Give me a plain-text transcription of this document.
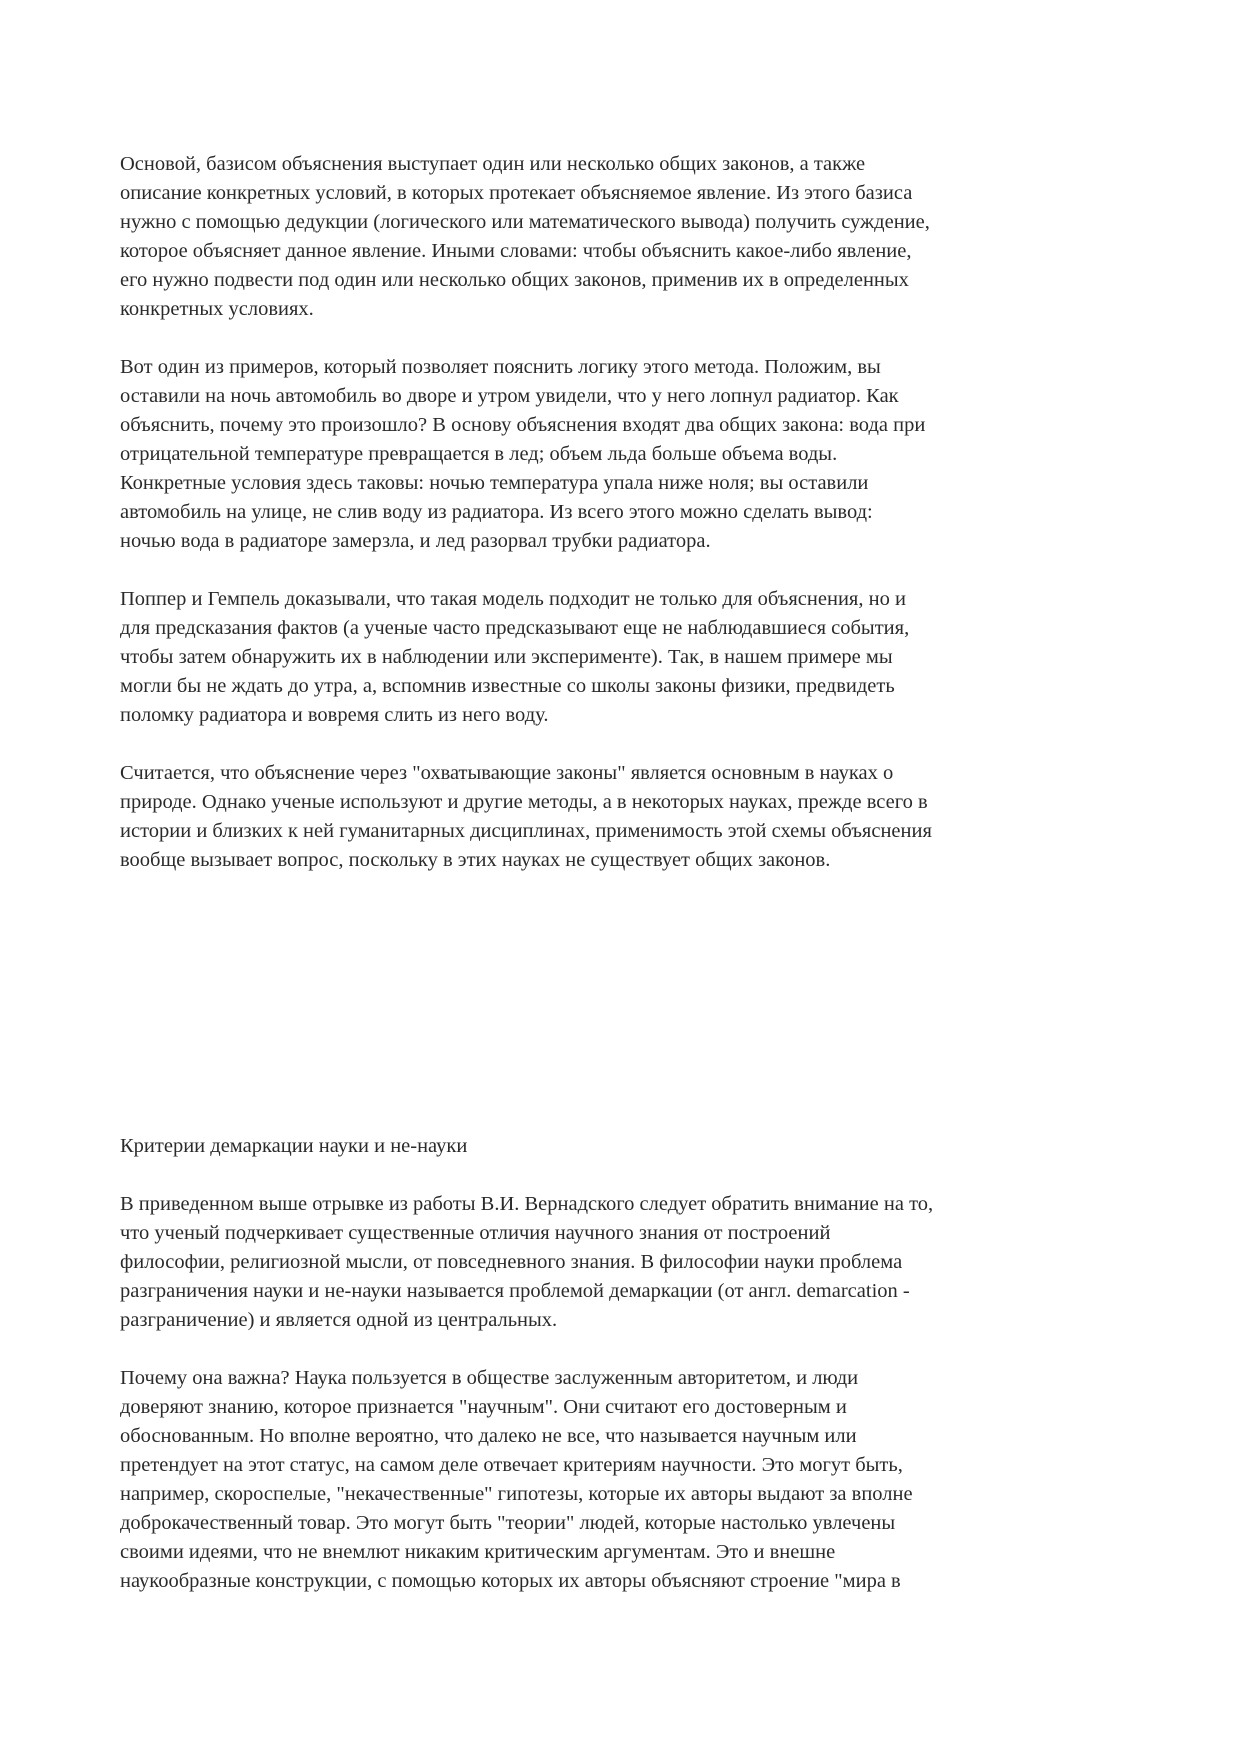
Основой, базисом объяснения выступает один или несколько общих законов, а также
описание конкретных условий, в которых протекает объясняемое явление. Из этого базиса
нужно с помощью дедукции (логического или математического вывода) получить суждение,
которое объясняет данное явление. Иными словами: чтобы объяснить какое-либо явление,
его нужно подвести под один или несколько общих законов, применив их в определенных
конкретных условиях.
Вот один из примеров, который позволяет пояснить логику этого метода. Положим, вы
оставили на ночь автомобиль во дворе и утром увидели, что у него лопнул радиатор. Как
объяснить, почему это произошло? В основу объяснения входят два общих закона: вода при
отрицательной температуре превращается в лед; объем льда больше объема воды.
Конкретные условия здесь таковы: ночью температура упала ниже ноля; вы оставили
автомобиль на улице, не слив воду из радиатора. Из всего этого можно сделать вывод:
ночью вода в радиаторе замерзла, и лед разорвал трубки радиатора.
Поппер и Гемпель доказывали, что такая модель подходит не только для объяснения, но и
для предсказания фактов (а ученые часто предсказывают еще не наблюдавшиеся события,
чтобы затем обнаружить их в наблюдении или эксперименте). Так, в нашем примере мы
могли бы не ждать до утра, а, вспомнив известные со школы законы физики, предвидеть
поломку радиатора и вовремя слить из него воду.
Считается, что объяснение через "охватывающие законы" является основным в науках о
природе. Однако ученые используют и другие методы, а в некоторых науках, прежде всего в
истории и близких к ней гуманитарных дисциплинах, применимость этой схемы объяснения
вообще вызывает вопрос, поскольку в этих науках не существует общих законов.
Критерии демаркации науки и не-науки
В приведенном выше отрывке из работы В.И. Вернадского следует обратить внимание на то,
что ученый подчеркивает существенные отличия научного знания от построений
философии, религиозной мысли, от повседневного знания. В философии науки проблема
разграничения науки и не-науки называется проблемой демаркации (от англ. demarcation -
разграничение) и является одной из центральных.
Почему она важна? Наука пользуется в обществе заслуженным авторитетом, и люди
доверяют знанию, которое признается "научным". Они считают его достоверным и
обоснованным. Но вполне вероятно, что далеко не все, что называется научным или
претендует на этот статус, на самом деле отвечает критериям научности. Это могут быть,
например, скороспелые, "некачественные" гипотезы, которые их авторы выдают за вполне
доброкачественный товар. Это могут быть "теории" людей, которые настолько увлечены
своими идеями, что не внемлют никаким критическим аргументам. Это и внешне
наукообразные конструкции, с помощью которых их авторы объясняют строение "мира в
